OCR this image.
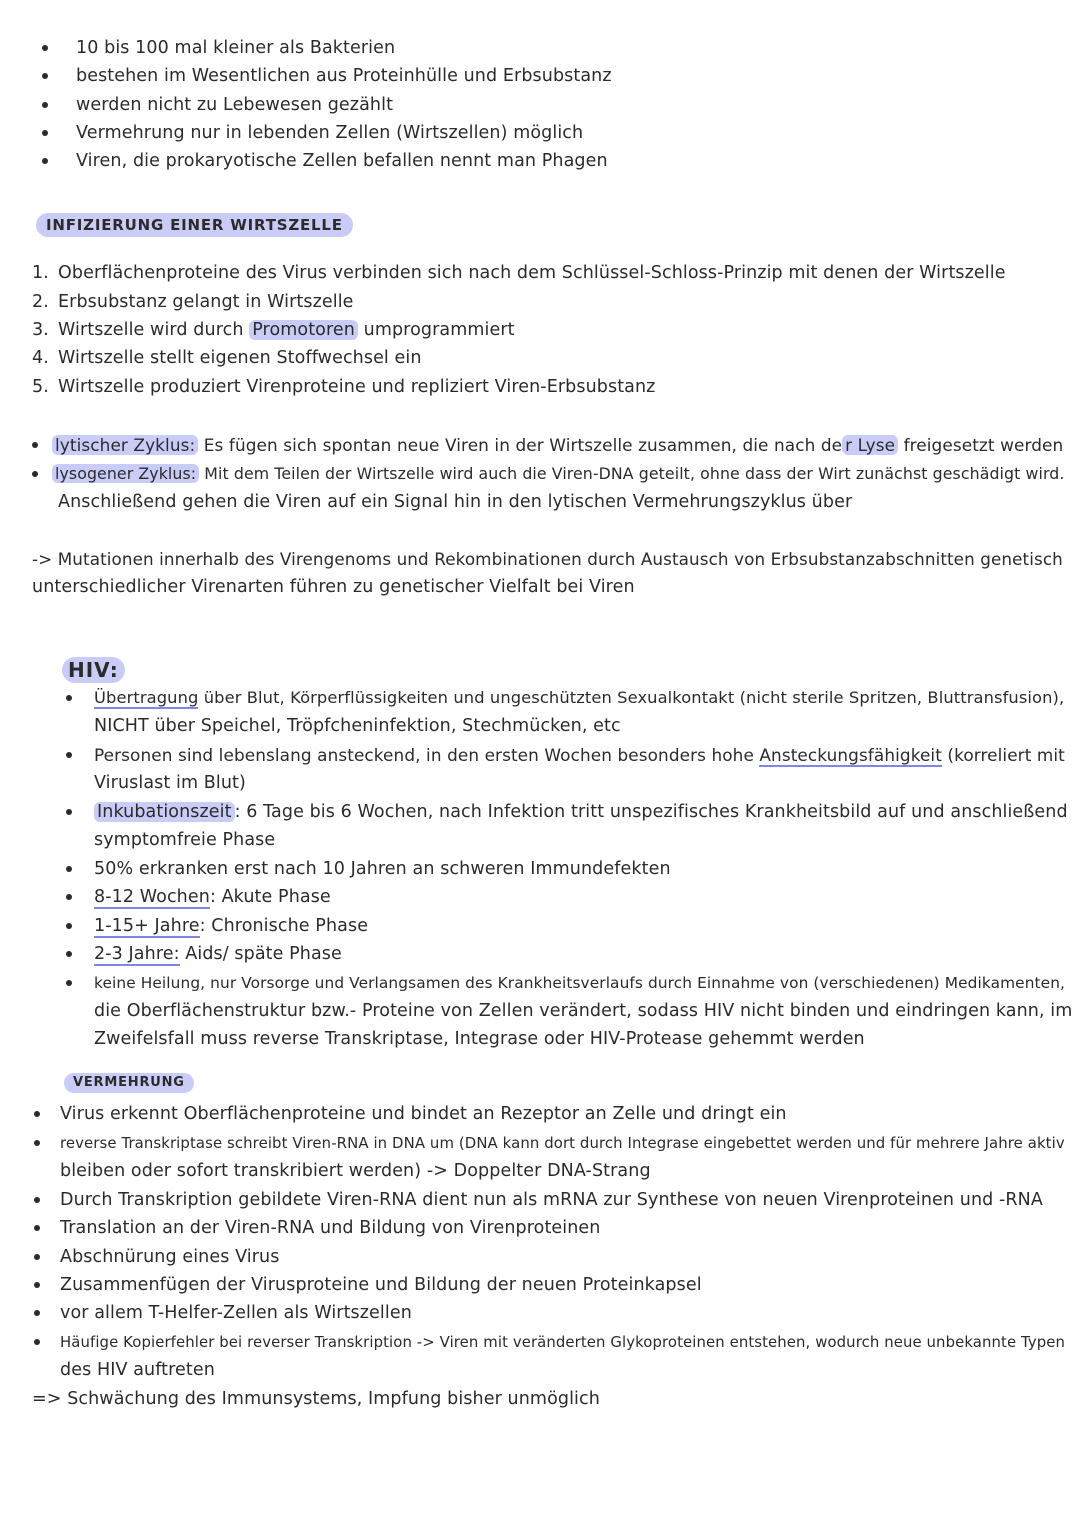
10 bis 100 mal kleiner als Bakterien
bestehen im Wesentlichen aus Proteinhülle und Erbsubstanz
werden nicht zu Lebewesen gezählt
Vermehrung nur in lebenden Zellen (Wirtszellen) möglich
Viren, die prokaryotische Zellen befallen nennt man Phagen
INFIZIERUNG EINER WIRTSZELLE
1. Oberflächenproteine des Virus verbinden sich nach dem Schlüssel-Schloss-Prinzip mit denen der Wirtszelle
2. Erbsubstanz gelangt in Wirtszelle
3. Wirtszelle wird durch Promotoren umprogrammiert
4. Wirtszelle stellt eigenen Stoffwechsel ein
5. Wirtszelle produziert Virenproteine und repliziert Viren-Erbsubstanz
lytischer Zyklus: Es fügen sich spontan neue Viren in der Wirtszelle zusammen, die nach de r Lyse freigesetzt werden
lysogener Zyklus: Mit dem Teilen der Wirtszelle wird auch die Viren-DNA geteilt, ohne dass der Wirt zunächst geschädigt wird.
Anschließend gehen die Viren auf ein Signal hin in den lytischen Vermehrungszyklus über
-> Mutationen innerhalb des Virengenoms und Rekombinationen durch Austausch von Erbsubstanzabschnitten genetisch
unterschiedlicher Virenarten führen zu genetischer Vielfalt bei Viren
HIV:
Übertragung über Blut, Körperflüssigkeiten und ungeschützten Sexualkontakt (nicht sterile Spritzen, Bluttransfusion),
NICHT über Speichel, Tröpfcheninfektion, Stechmücken, etc
Personen sind lebenslang ansteckend, in den ersten Wochen besonders hohe Ansteckungsfähigkeit (korreliert mit
Viruslast im Blut)
Inkubationszeit : 6 Tage bis 6 Wochen, nach Infektion tritt unspezifisches Krankheitsbild auf und anschließend
symptomfreie Phase
50% erkranken erst nach 10 Jahren an schweren Immundefekten
8-12 Wochen: Akute Phase
1-15+ Jahre: Chronische Phase
2-3 Jahre: Aids/ späte Phase
keine Heilung, nur Vorsorge und Verlangsamen des Krankheitsverlaufs durch Einnahme von (verschiedenen) Medikamenten,
die Oberflächenstruktur bzw.- Proteine von Zellen verändert, sodass HIV nicht binden und eindringen kann, im
Zweifelsfall muss reverse Transkriptase, Integrase oder HIV-Protease gehemmt werden
VERMEHRUNG
Virus erkennt Oberflächenproteine und bindet an Rezeptor an Zelle und dringt ein
reverse Transkriptase schreibt Viren-RNA in DNA um (DNA kann dort durch Integrase eingebettet werden und für mehrere Jahre aktiv
bleiben oder sofort transkribiert werden) -> Doppelter DNA-Strang
Durch Transkription gebildete Viren-RNA dient nun als mRNA zur Synthese von neuen Virenproteinen und -RNA
Translation an der Viren-RNA und Bildung von Virenproteinen
Abschnürung eines Virus
Zusammenfügen der Virusproteine und Bildung der neuen Proteinkapsel
vor allem T-Helfer-Zellen als Wirtszellen
Häufige Kopierfehler bei reverser Transkription -> Viren mit veränderten Glykoproteinen entstehen, wodurch neue unbekannte Typen
des HIV auftreten
=> Schwächung des Immunsystems, Impfung bisher unmöglich
